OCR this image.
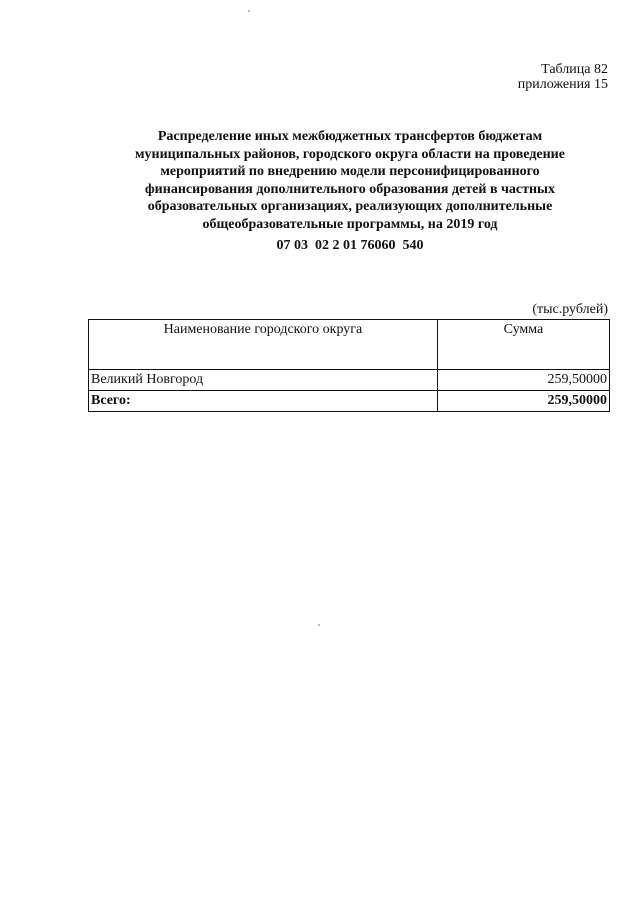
Таблица 82
приложения 15
Распределение иных межбюджетных трансфертов бюджетам
муниципальных районов, городского округа области на проведение
мероприятий по внедрению модели персонифицированного
финансирования дополнительного образования детей в частных
образовательных организациях, реализующих дополнительные
общеобразовательные программы, на 2019 год
07 03  02 2 01 76060  540
(тыс.рублей)
Наименование городского округа	Сумма
Великий Новгород	259,50000
Всего:	259,50000
